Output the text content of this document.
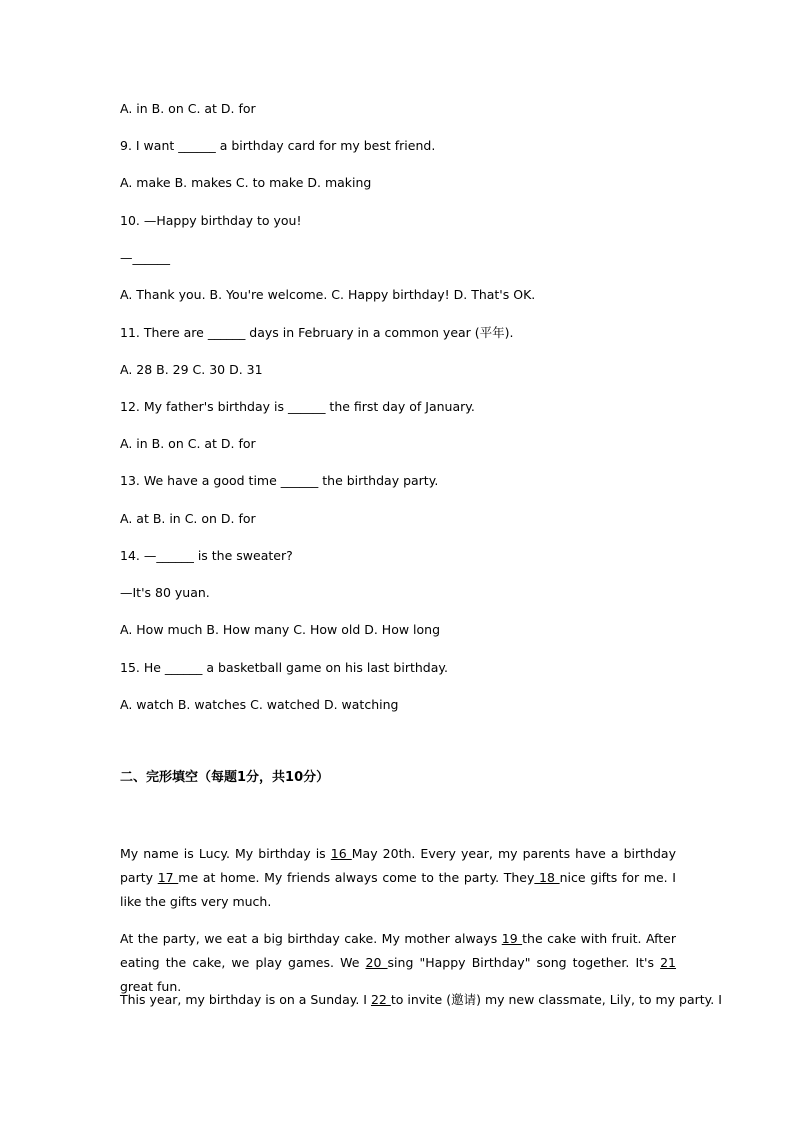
A. in B. on C. at D. for
9. I want ______ a birthday card for my best friend.
A. make B. makes C. to make D. making
10. —Happy birthday to you!
—______
A. Thank you. B. You're welcome. C. Happy birthday! D. That's OK.
11. There are ______ days in February in a common year (平年).
A. 28 B. 29 C. 30 D. 31
12. My father's birthday is ______ the first day of January.
A. in B. on C. at D. for
13. We have a good time ______ the birthday party.
A. at B. in C. on D. for
14. —______ is the sweater?
—It's 80 yuan.
A. How much B. How many C. How old D. How long
15. He ______ a basketball game on his last birthday.
A. watch B. watches C. watched D. watching
二、完形填空（每题1分，共10分）
My name is Lucy. My birthday is 16 May 20th. Every year, my parents have a birthday party 17 me at home. My friends always come to the party. They 18 nice gifts for me. I like the gifts very much.
At the party, we eat a big birthday cake. My mother always 19 the cake with fruit. After eating the cake, we play games. We 20 sing "Happy Birthday" song together. It's 21 great fun.
This year, my birthday is on a Sunday. I 22 to invite (邀请) my new classmate, Lily, to my party. I
